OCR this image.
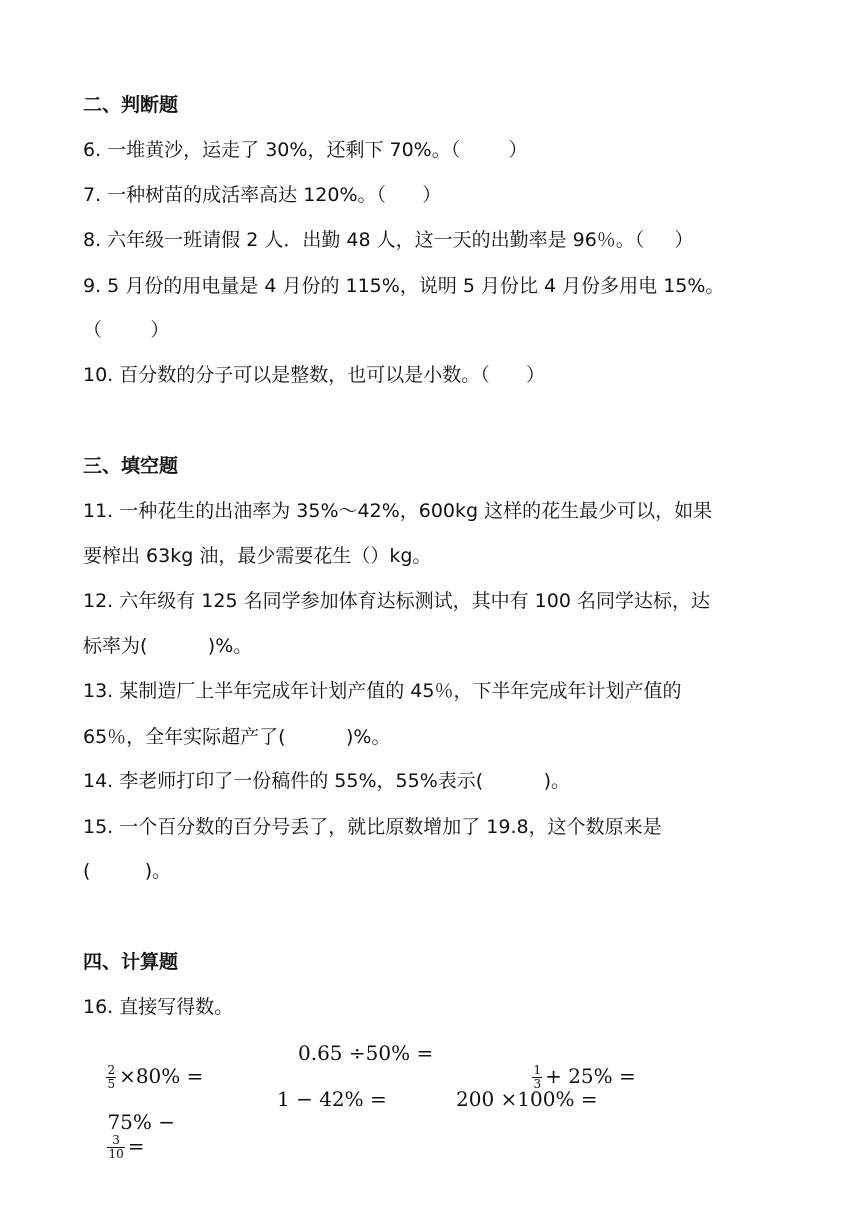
二、判断题
6. 一堆黄沙，运走了 30%，还剩下 70%。（        ）
7. 一种树苗的成活率高达 120%。（      ）
8. 六年级一班请假 2 人．出勤 48 人，这一天的出勤率是 96％。（     ）
9. 5 月份的用电量是 4 月份的 115%，说明 5 月份比 4 月份多用电 15%。
（        ）
10. 百分数的分子可以是整数，也可以是小数。（      ）
三、填空题
11. 一种花生的出油率为 35%～42%，600kg 这样的花生最少可以，如果
要榨出 63kg 油，最少需要花生（）kg。
12. 六年级有 125 名同学参加体育达标测试，其中有 100 名同学达标，达
标率为(          )%。
13. 某制造厂上半年完成年计划产值的 45％，下半年完成年计划产值的
65％，全年实际超产了(          )%。
14. 李老师打印了一份稿件的 55%，55%表示(          )。
15. 一个百分数的百分号丢了，就比原数增加了 19.8，这个数原来是
(         )。
四、计算题
16. 直接写得数。

$\frac{2}{5} \times 80\%$ =

0.65 ÷50% =

$\frac{1}{3} + 25\%$ =

75% −

$\frac{3}{10}$ =

1 − 42% =	200 ×100% =
